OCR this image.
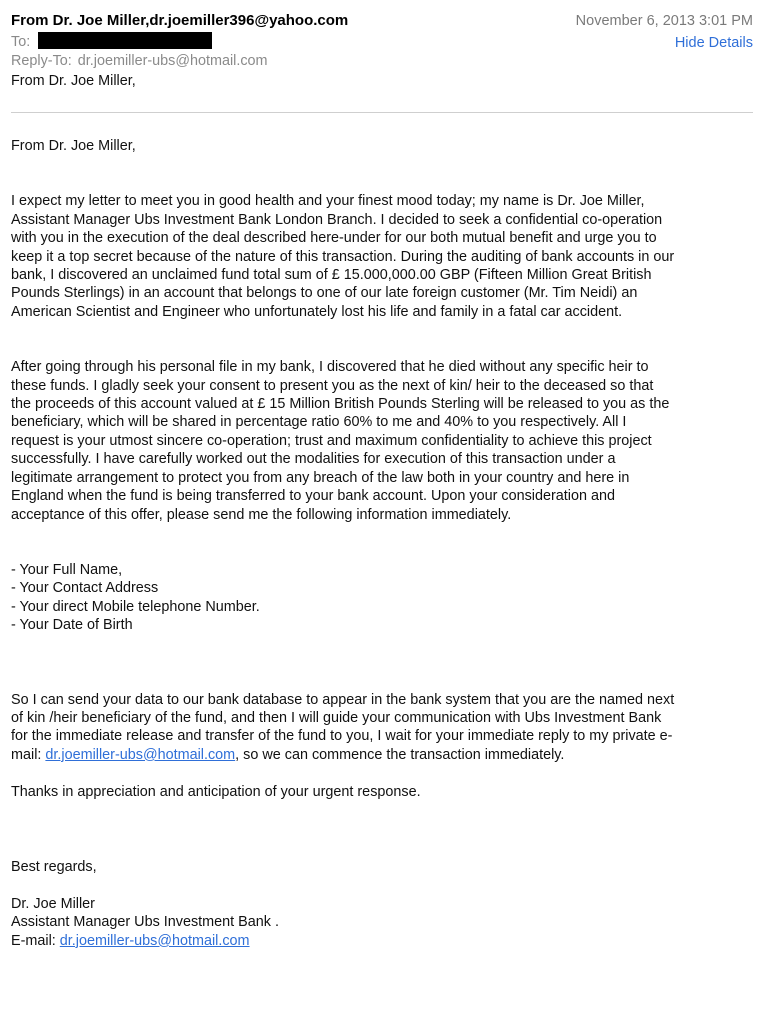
From Dr. Joe Miller,dr.joemiller396@yahoo.com	November 6, 2013 3:01 PM
Hide Details
To:
Reply-To: dr.joemiller-ubs@hotmail.com
From Dr. Joe Miller,

From Dr. Joe Miller,

I expect my letter to meet you in good health and your finest mood today; my name is Dr. Joe Miller,
Assistant Manager Ubs Investment Bank London Branch. I decided to seek a confidential co-operation
with you in the execution of the deal described here-under for our both mutual benefit and urge you to
keep it a top secret because of the nature of this transaction. During the auditing of bank accounts in our
bank, I discovered an unclaimed fund total sum of £ 15.000,000.00 GBP (Fifteen Million Great British
Pounds Sterlings) in an account that belongs to one of our late foreign customer (Mr. Tim Neidi) an
American Scientist and Engineer who unfortunately lost his life and family in a fatal car accident.
After going through his personal file in my bank, I discovered that he died without any specific heir to
these funds. I gladly seek your consent to present you as the next of kin/ heir to the deceased so that
the proceeds of this account valued at £ 15 Million British Pounds Sterling will be released to you as the
beneficiary, which will be shared in percentage ratio 60% to me and 40% to you respectively. All I
request is your utmost sincere co-operation; trust and maximum confidentiality to achieve this project
successfully. I have carefully worked out the modalities for execution of this transaction under a
legitimate arrangement to protect you from any breach of the law both in your country and here in
England when the fund is being transferred to your bank account. Upon your consideration and
acceptance of this offer, please send me the following information immediately.
- Your Full Name,
- Your Contact Address
- Your direct Mobile telephone Number.
- Your Date of Birth
So I can send your data to our bank database to appear in the bank system that you are the named next
of kin /heir beneficiary of the fund, and then I will guide your communication with Ubs Investment Bank
for the immediate release and transfer of the fund to you, I wait for your immediate reply to my private e-
mail: dr.joemiller-ubs@hotmail.com, so we can commence the transaction immediately.

Thanks in appreciation and anticipation of your urgent response.

Best regards,

Dr. Joe Miller
Assistant Manager Ubs Investment Bank .
E-mail: dr.joemiller-ubs@hotmail.com
